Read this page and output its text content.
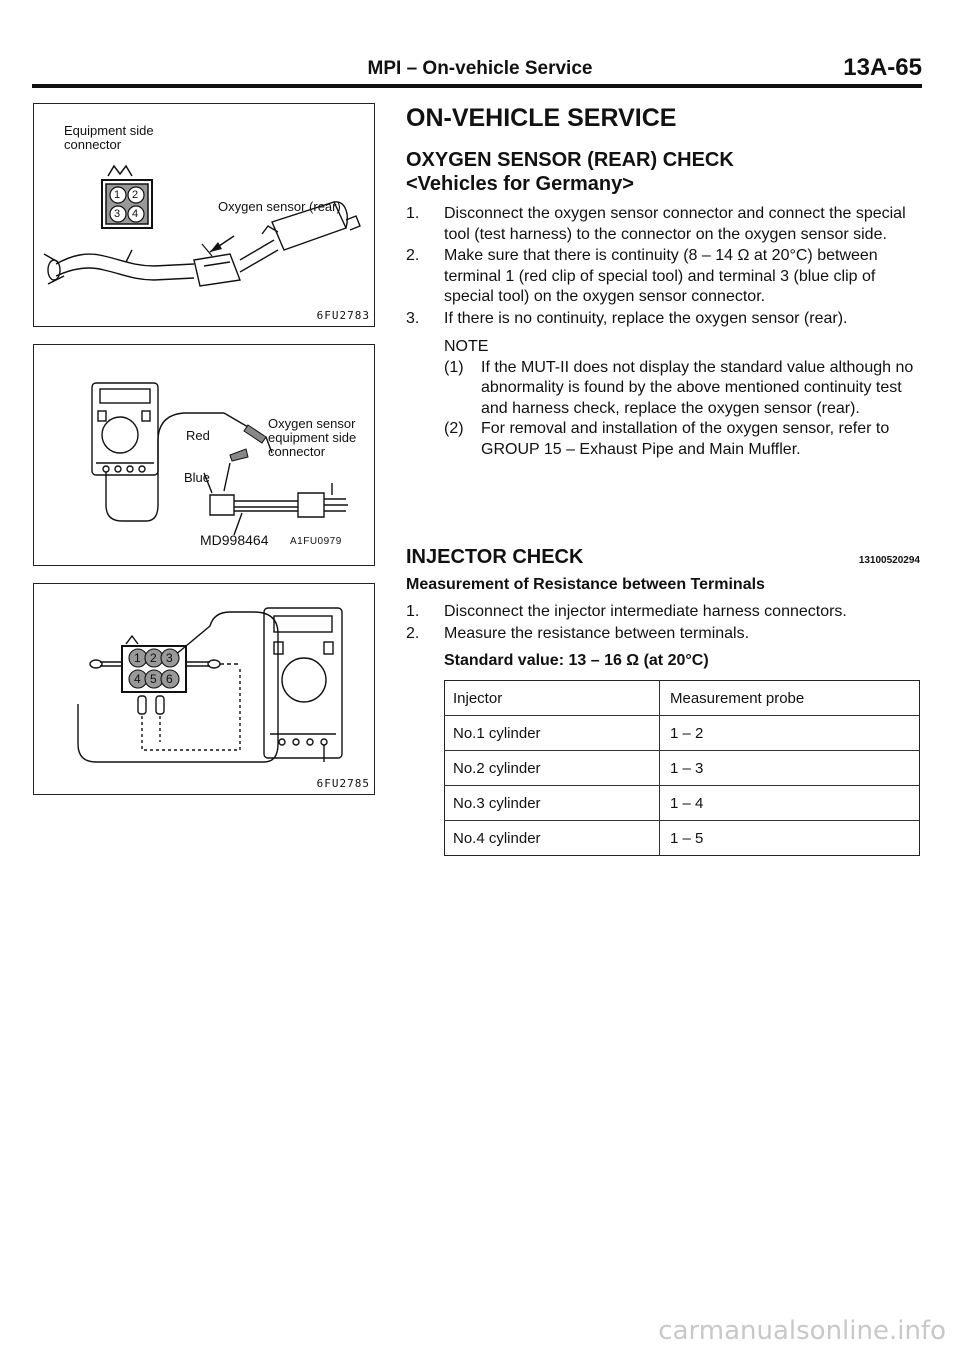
MPI – On-vehicle Service	13A-65
Equipment side
connector
Oxygen sensor (rear)
1 2
3 4
6FU2783
Red
Blue
Oxygen sensor
equipment side
connector
MD998464 A1FU0979
1 2 3
4 5 6
6FU2785
ON-VEHICLE SERVICE
OXYGEN SENSOR (REAR) CHECK
<Vehicles for Germany>
1. Disconnect the oxygen sensor connector and connect the special tool (test harness) to the connector on the oxygen sensor side.
2. Make sure that there is continuity (8 – 14 Ω at 20°C) between terminal 1 (red clip of special tool) and terminal 3 (blue clip of special tool) on the oxygen sensor connector.
3. If there is no continuity, replace the oxygen sensor (rear).
NOTE
(1) If the MUT-II does not display the standard value although no abnormality is found by the above mentioned continuity test and harness check, replace the oxygen sensor (rear).
(2) For removal and installation of the oxygen sensor, refer to GROUP 15 – Exhaust Pipe and Main Muffler.
INJECTOR CHECK	13100520294
Measurement of Resistance between Terminals
1. Disconnect the injector intermediate harness connectors.
2. Measure the resistance between terminals.
Standard value: 13 – 16 Ω (at 20°C)
Injector	Measurement probe
No.1 cylinder	1 – 2
No.2 cylinder	1 – 3
No.3 cylinder	1 – 4
No.4 cylinder	1 – 5
carmanualsonline.info
